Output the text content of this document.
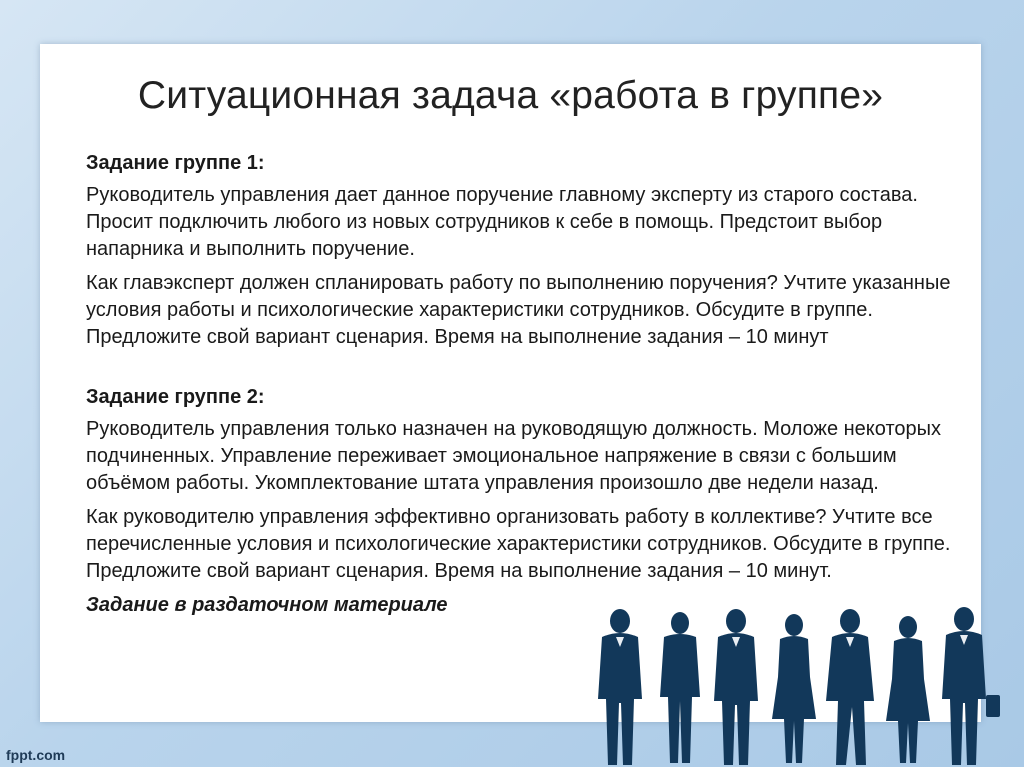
Ситуационная задача «работа в группе»

Задание группе 1:

Руководитель управления дает данное поручение главному эксперту из старого состава. Просит подключить любого из новых сотрудников к себе в помощь. Предстоит выбор напарника и выполнить поручение.

Как главэксперт должен спланировать работу по выполнению поручения? Учтите указанные условия работы и психологические характеристики сотрудников. Обсудите в группе. Предложите свой вариант сценария. Время на выполнение задания – 10 минут

Задание группе 2:

Руководитель управления только назначен на руководящую должность. Моложе некоторых подчиненных. Управление переживает эмоциональное напряжение в связи с большим объёмом работы. Укомплектование штата управления произошло две недели назад.

Как руководителю управления эффективно организовать работу в коллективе? Учтите все перечисленные условия и психологические характеристики сотрудников. Обсудите в группе. Предложите свой вариант сценария. Время на выполнение задания – 10 минут.

Задание в раздаточном материале

fppt.com
